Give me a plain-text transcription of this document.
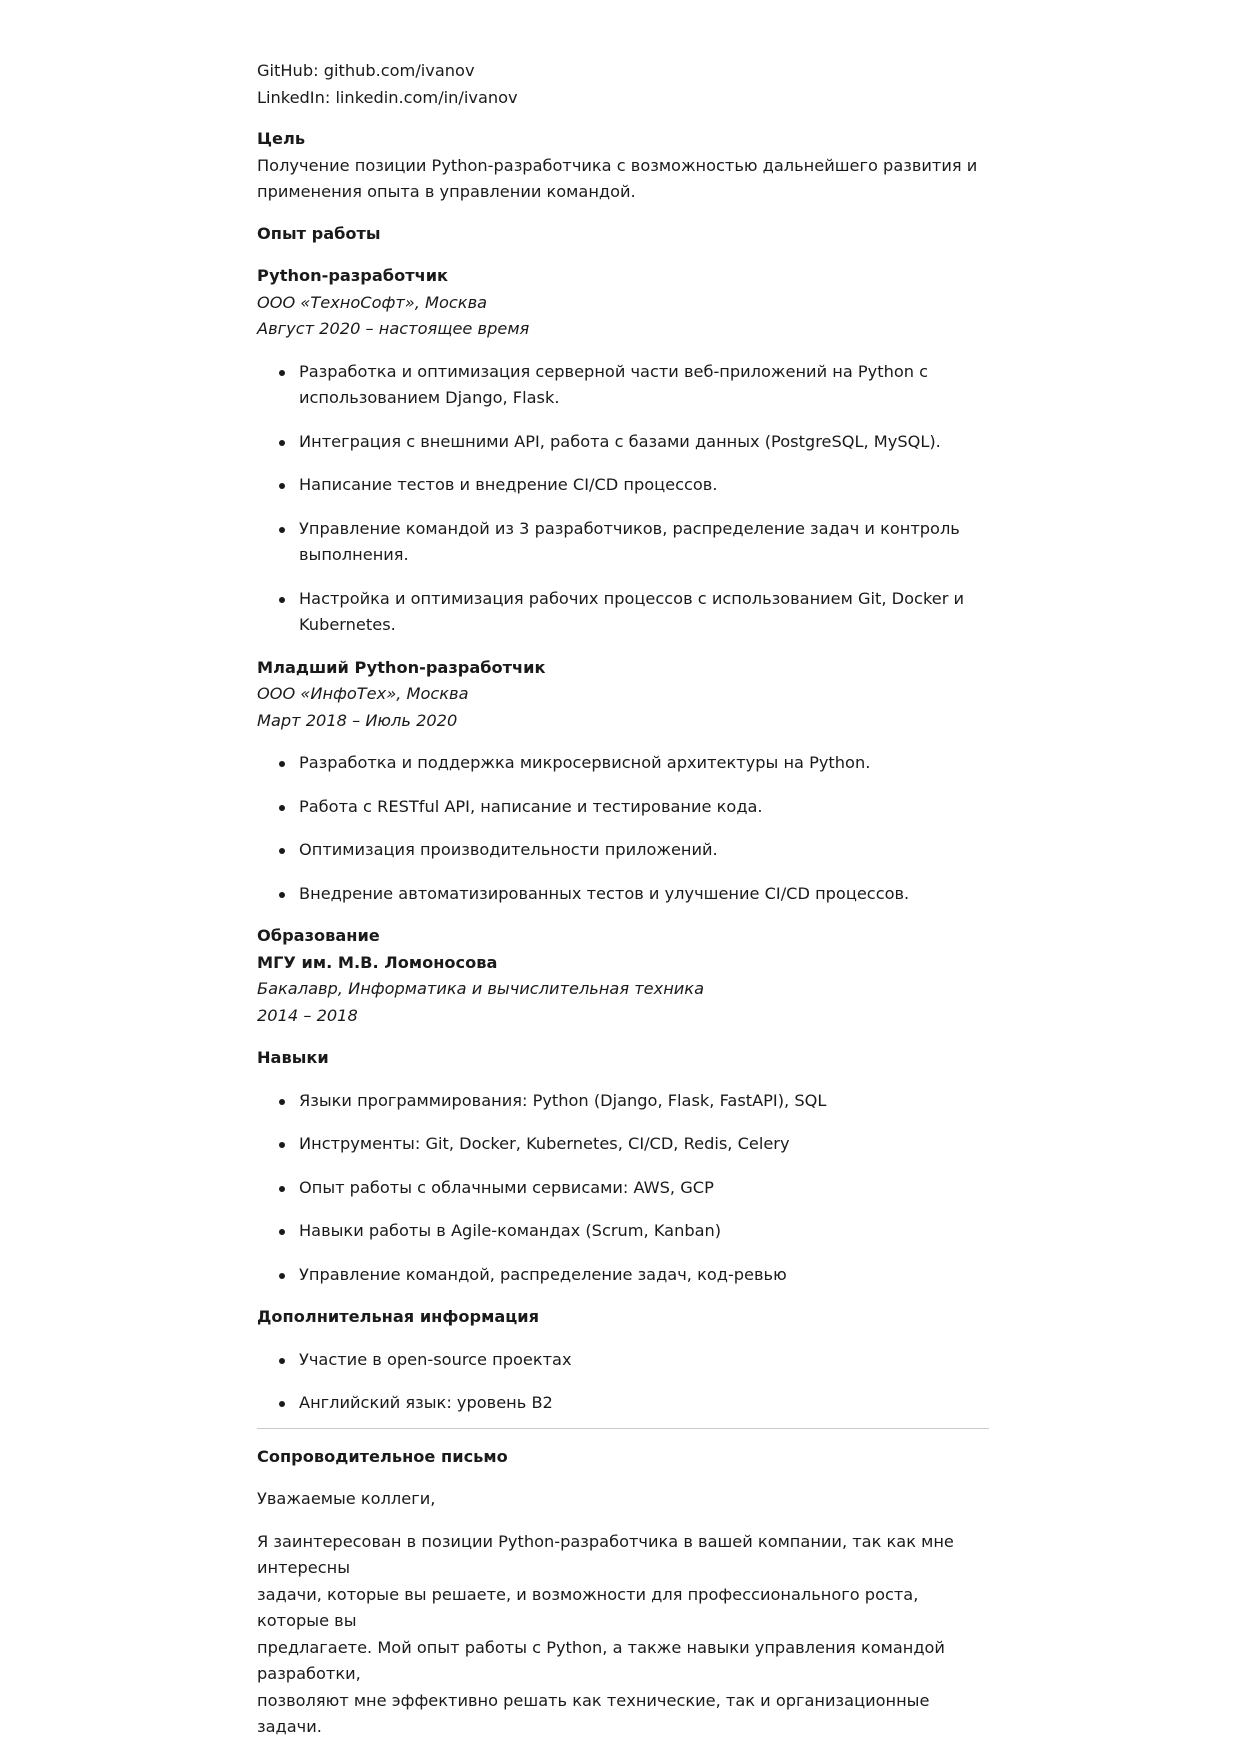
GitHub: github.com/ivanov

LinkedIn: linkedin.com/in/ivanov

Цель

Получение позиции Python-разработчика с возможностью дальнейшего развития и

применения опыта в управлении командой.

Опыт работы

Python-разработчик

ООО «ТехноСофт», Москва

Август 2020 – настоящее время

Разработка и оптимизация серверной части веб-приложений на Python с
использованием Django, Flask.
Интеграция с внешними API, работа с базами данных (PostgreSQL, MySQL).
Написание тестов и внедрение CI/CD процессов.
Управление командой из 3 разработчиков, распределение задач и контроль
выполнения.
Настройка и оптимизация рабочих процессов с использованием Git, Docker и
Kubernetes.

Младший Python-разработчик

ООО «ИнфоТех», Москва

Март 2018 – Июль 2020

Разработка и поддержка микросервисной архитектуры на Python.
Работа с RESTful API, написание и тестирование кода.
Оптимизация производительности приложений.
Внедрение автоматизированных тестов и улучшение CI/CD процессов.

Образование

МГУ им. М.В. Ломоносова

Бакалавр, Информатика и вычислительная техника

2014 – 2018

Навыки

Языки программирования: Python (Django, Flask, FastAPI), SQL
Инструменты: Git, Docker, Kubernetes, CI/CD, Redis, Celery
Опыт работы с облачными сервисами: AWS, GCP
Навыки работы в Agile-командах (Scrum, Kanban)
Управление командой, распределение задач, код-ревью

Дополнительная информация

Участие в open-source проектах
Английский язык: уровень B2

Сопроводительное письмо

Уважаемые коллеги,

Я заинтересован в позиции Python-разработчика в вашей компании, так как мне интересны

задачи, которые вы решаете, и возможности для профессионального роста, которые вы

предлагаете. Мой опыт работы с Python, а также навыки управления командой разработки,

позволяют мне эффективно решать как технические, так и организационные задачи.
